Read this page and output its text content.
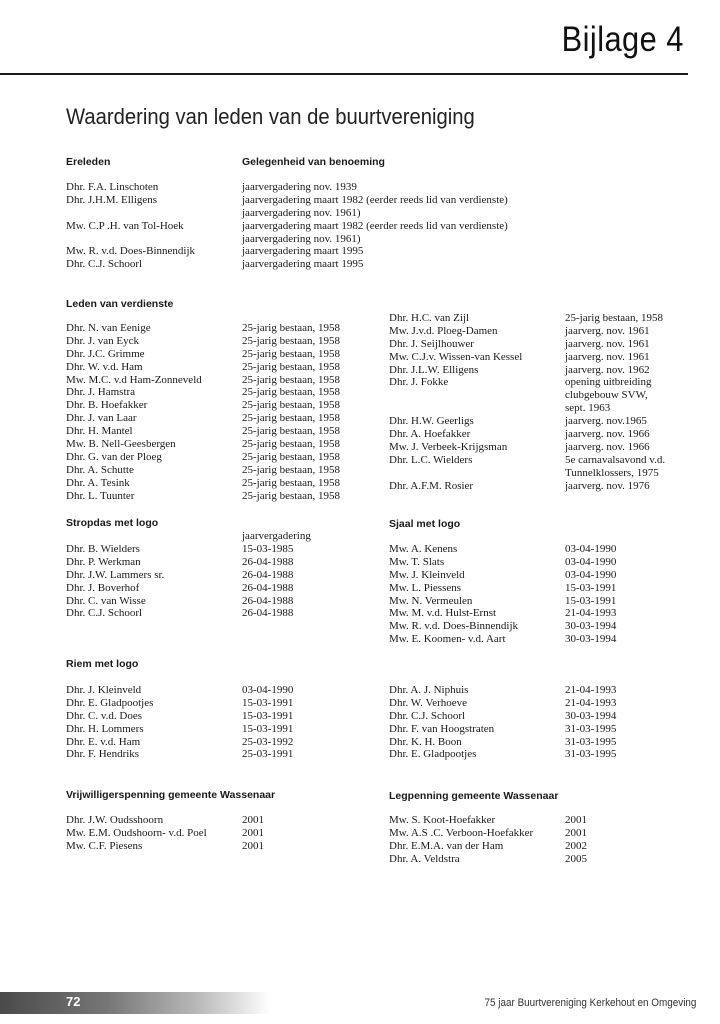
Bijlage 4
Waardering van leden van de buurtvereniging
Ereleden	Gelegenheid van benoeming
Dhr. F.A. Linschoten	jaarvergadering nov. 1939
Dhr. J.H.M. Elligens	jaarvergadering maart 1982 (eerder reeds lid van verdienste)
jaarvergadering nov. 1961)
Mw. C.P .H. van Tol-Hoek	jaarvergadering maart 1982 (eerder reeds lid van verdienste)
jaarvergadering nov. 1961)
Mw. R. v.d. Does-Binnendijk	jaarvergadering maart 1995
Dhr. C.J. Schoorl	jaarvergadering maart 1995
Leden van verdienste
Dhr. N. van Eenige	25-jarig bestaan, 1958
Dhr. J. van Eyck	25-jarig bestaan, 1958
Dhr. J.C. Grimme	25-jarig bestaan, 1958
Dhr. W. v.d. Ham	25-jarig bestaan, 1958
Mw. M.C. v.d Ham-Zonneveld	25-jarig bestaan, 1958
Dhr. J. Hamstra	25-jarig bestaan, 1958
Dhr. B. Hoefakker	25-jarig bestaan, 1958
Dhr. J. van Laar	25-jarig bestaan, 1958
Dhr. H. Mantel	25-jarig bestaan, 1958
Mw. B. Nell-Geesbergen	25-jarig bestaan, 1958
Dhr. G. van der Ploeg	25-jarig bestaan, 1958
Dhr. A. Schutte	25-jarig bestaan, 1958
Dhr. A. Tesink	25-jarig bestaan, 1958
Dhr. L. Tuunter	25-jarig bestaan, 1958
Dhr. H.C. van Zijl	25-jarig bestaan, 1958
Mw. J.v.d. Ploeg-Damen	jaarverg. nov. 1961
Dhr. J. Seijlhouwer	jaarverg. nov. 1961
Mw. C.J.v. Wissen-van Kessel	jaarverg. nov. 1961
Dhr. J.L.W. Elligens	jaarverg. nov. 1962
Dhr. J. Fokke	opening uitbreiding
clubgebouw SVW,
sept. 1963
Dhr. H.W. Geerligs	jaarverg. nov.1965
Dhr. A. Hoefakker	jaarverg. nov. 1966
Mw. J. Verbeek-Krijgsman	jaarverg. nov. 1966
Dhr. L.C. Wielders	5e carnavalsavond v.d.
Tunnelklossers, 1975
Dhr. A.F.M. Rosier	jaarverg. nov. 1976
Stropdas met logo
jaarvergadering
Dhr. B. Wielders	15-03-1985
Dhr. P. Werkman	26-04-1988
Dhr. J.W. Lammers sr.	26-04-1988
Dhr. J. Boverhof	26-04-1988
Dhr. C. van Wisse	26-04-1988
Dhr. C.J. Schoorl	26-04-1988
Sjaal met logo
Mw. A. Kenens	03-04-1990
Mw. T. Slats	03-04-1990
Mw. J. Kleinveld	03-04-1990
Mw. L. Piessens	15-03-1991
Mw. N. Vermeulen	15-03-1991
Mw. M. v.d. Hulst-Ernst	21-04-1993
Mw. R. v.d. Does-Binnendijk	30-03-1994
Mw. E. Koomen- v.d. Aart	30-03-1994
Riem met logo
Dhr. J. Kleinveld	03-04-1990
Dhr. E. Gladpootjes	15-03-1991
Dhr. C. v.d. Does	15-03-1991
Dhr. H. Lommers	15-03-1991
Dhr. E. v.d. Ham	25-03-1992
Dhr. F. Hendriks	25-03-1991
Dhr. A. J. Niphuis	21-04-1993
Dhr. W. Verhoeve	21-04-1993
Dhr. C.J. Schoorl	30-03-1994
Dhr. F. van Hoogstraten	31-03-1995
Dhr. K. H. Boon	31-03-1995
Dhr. E. Gladpootjes	31-03-1995
Vrijwilligerspenning gemeente Wassenaar
Dhr. J.W. Oudsshoorn	2001
Mw. E.M. Oudshoorn- v.d. Poel	2001
Mw. C.F. Piesens	2001
Legpenning gemeente Wassenaar
Mw. S. Koot-Hoefakker	2001
Mw. A.S .C. Verboon-Hoefakker	2001
Dhr. E.M.A. van der Ham	2002
Dhr. A. Veldstra	2005
72	75 jaar Buurtvereniging Kerkehout en Omgeving
